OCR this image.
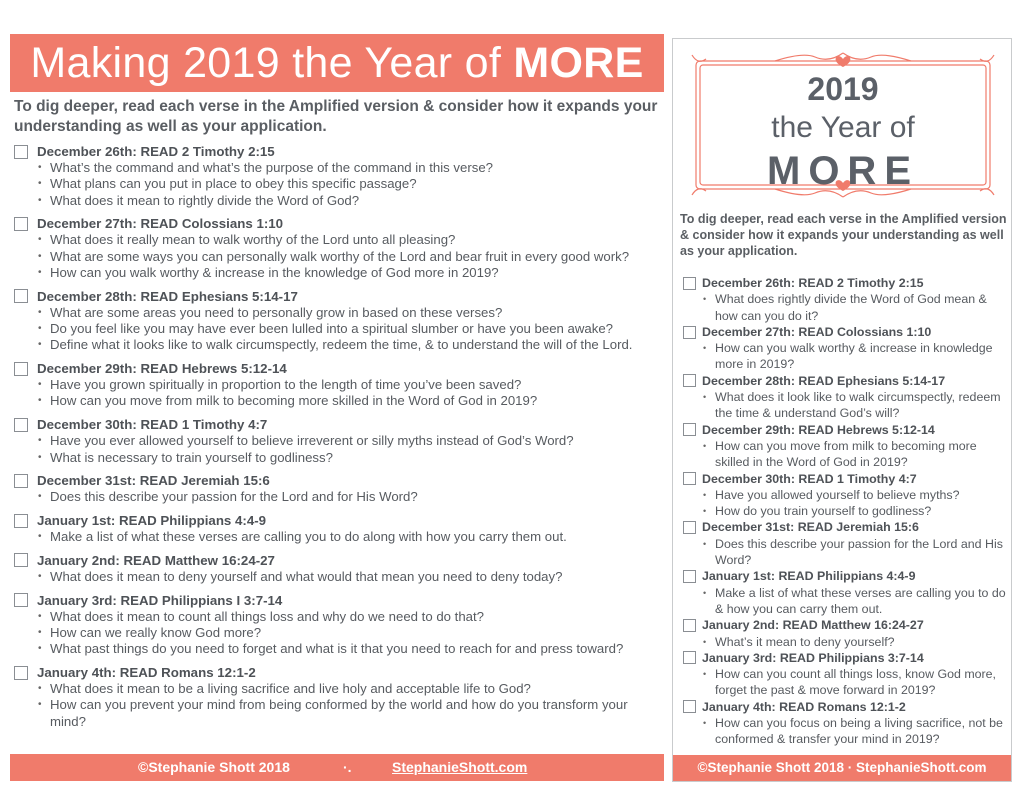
Making 2019 the Year of MORE
To dig deeper, read each verse in the Amplified version & consider how it expands your understanding as well as your application.
December 26th: READ 2 Timothy 2:15
• What’s the command and what’s the purpose of the command in this verse?
• What plans can you put in place to obey this specific passage?
• What does it mean to rightly divide the Word of God?
December 27th: READ Colossians 1:10
• What does it really mean to walk worthy of the Lord unto all pleasing?
• What are some ways you can personally walk worthy of the Lord and bear fruit in every good work?
• How can you walk worthy & increase in the knowledge of God more in 2019?
December 28th: READ Ephesians 5:14-17
• What are some areas you need to personally grow in based on these verses?
• Do you feel like you may have ever been lulled into a spiritual slumber or have you been awake?
• Define what it looks like to walk circumspectly, redeem the time, & to understand the will of the Lord.
December 29th: READ Hebrews 5:12-14
• Have you grown spiritually in proportion to the length of time you’ve been saved?
• How can you move from milk to becoming more skilled in the Word of God in 2019?
December 30th: READ 1 Timothy 4:7
• Have you ever allowed yourself to believe irreverent or silly myths instead of God’s Word?
• What is necessary to train yourself to godliness?
December 31st: READ Jeremiah 15:6
• Does this describe your passion for the Lord and for His Word?
January 1st: READ Philippians 4:4-9
• Make a list of what these verses are calling you to do along with how you carry them out.
January 2nd: READ Matthew 16:24-27
• What does it mean to deny yourself and what would that mean you need to deny today?
January 3rd: READ Philippians I 3:7-14
• What does it mean to count all things loss and why do we need to do that?
• How can we really know God more?
• What past things do you need to forget and what is it that you need to reach for and press toward?
January 4th: READ Romans 12:1-2
• What does it mean to be a living sacrifice and live holy and acceptable life to God?
• How can you prevent your mind from being conformed by the world and how do you transform your mind?
©Stephanie Shott 2018	·.	StephanieShott.com
2019
the Year of
MORE
To dig deeper, read each verse in the Amplified version & consider how it expands your understanding as well as your application.
December 26th: READ 2 Timothy 2:15
• What does rightly divide the Word of God mean & how can you do it?
December 27th: READ Colossians 1:10
• How can you walk worthy & increase in knowledge more in 2019?
December 28th: READ Ephesians 5:14-17
• What does it look like to walk circumspectly, redeem the time & understand God’s will?
December 29th: READ Hebrews 5:12-14
• How can you move from milk to becoming more skilled in the Word of God in 2019?
December 30th: READ 1 Timothy 4:7
• Have you allowed yourself to believe myths?
• How do you train yourself to godliness?
December 31st: READ Jeremiah 15:6
• Does this describe your passion for the Lord and His Word?
January 1st: READ Philippians 4:4-9
• Make a list of what these verses are calling you to do & how you can carry them out.
January 2nd: READ Matthew 16:24-27
• What’s it mean to deny yourself?
January 3rd: READ Philippians 3:7-14
• How can you count all things loss, know God more, forget the past & move forward in 2019?
January 4th: READ Romans 12:1-2
• How can you focus on being a living sacrifice, not be conformed & transfer your mind in 2019?
©Stephanie Shott 2018 · StephanieShott.com
